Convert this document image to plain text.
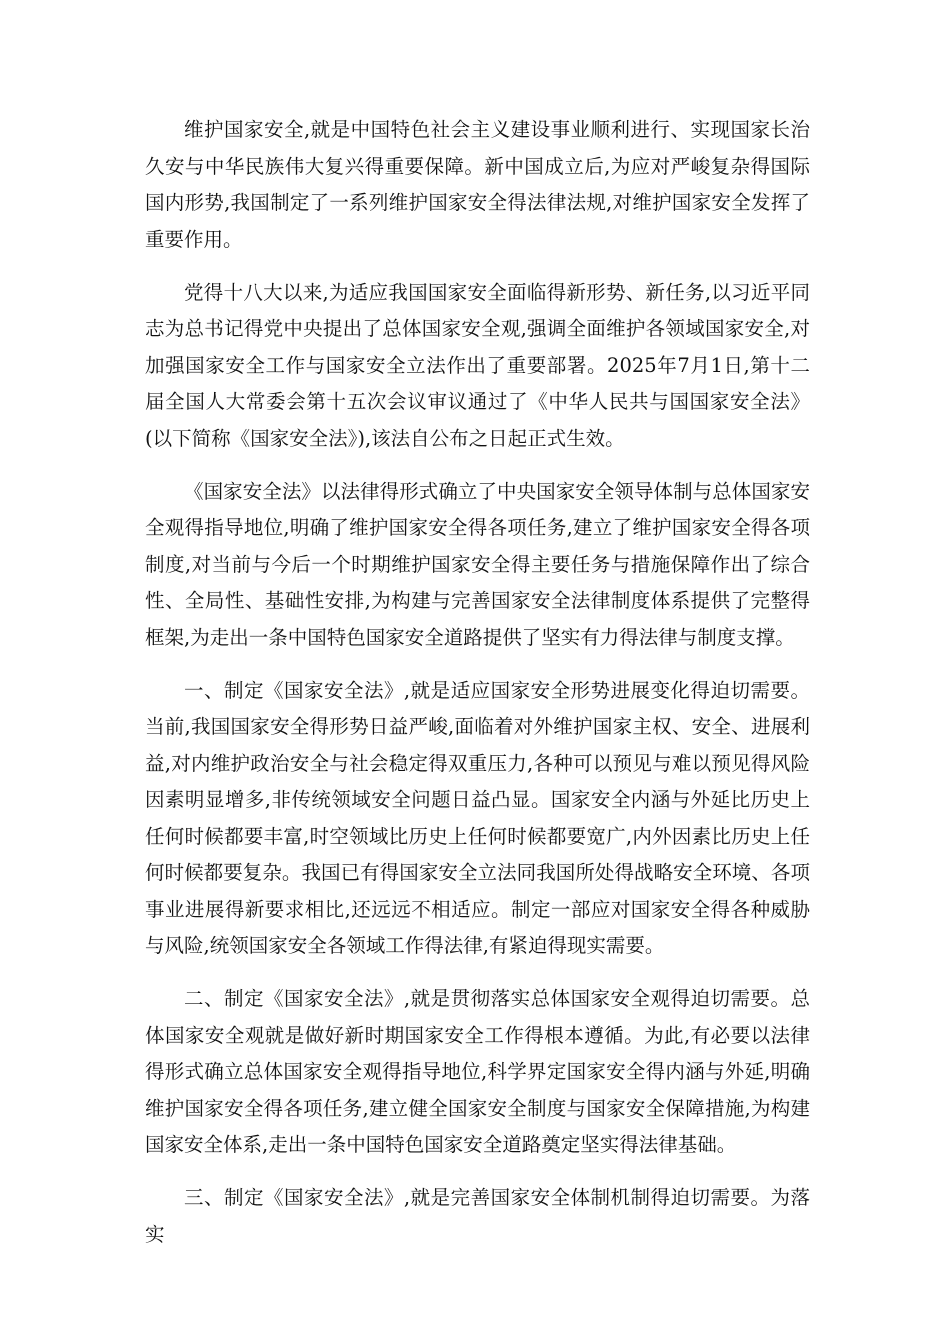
维护国家安全,就是中国特色社会主义建设事业顺利进行、实现国家长治久安与中华民族伟大复兴得重要保障。新中国成立后,为应对严峻复杂得国际国内形势,我国制定了一系列维护国家安全得法律法规,对维护国家安全发挥了重要作用。

党得十八大以来,为适应我国国家安全面临得新形势、新任务,以习近平同志为总书记得党中央提出了总体国家安全观,强调全面维护各领域国家安全,对加强国家安全工作与国家安全立法作出了重要部署。2025年7月1日,第十二届全国人大常委会第十五次会议审议通过了《中华人民共与国国家安全法》(以下简称《国家安全法》),该法自公布之日起正式生效。

《国家安全法》以法律得形式确立了中央国家安全领导体制与总体国家安全观得指导地位,明确了维护国家安全得各项任务,建立了维护国家安全得各项制度,对当前与今后一个时期维护国家安全得主要任务与措施保障作出了综合性、全局性、基础性安排,为构建与完善国家安全法律制度体系提供了完整得框架,为走出一条中国特色国家安全道路提供了坚实有力得法律与制度支撑。

一、制定《国家安全法》,就是适应国家安全形势进展变化得迫切需要。当前,我国国家安全得形势日益严峻,面临着对外维护国家主权、安全、进展利益,对内维护政治安全与社会稳定得双重压力,各种可以预见与难以预见得风险因素明显增多,非传统领域安全问题日益凸显。国家安全内涵与外延比历史上任何时候都要丰富,时空领域比历史上任何时候都要宽广,内外因素比历史上任何时候都要复杂。我国已有得国家安全立法同我国所处得战略安全环境、各项事业进展得新要求相比,还远远不相适应。制定一部应对国家安全得各种威胁与风险,统领国家安全各领域工作得法律,有紧迫得现实需要。

二、制定《国家安全法》,就是贯彻落实总体国家安全观得迫切需要。总体国家安全观就是做好新时期国家安全工作得根本遵循。为此,有必要以法律得形式确立总体国家安全观得指导地位,科学界定国家安全得内涵与外延,明确维护国家安全得各项任务,建立健全国家安全制度与国家安全保障措施,为构建国家安全体系,走出一条中国特色国家安全道路奠定坚实得法律基础。

三、制定《国家安全法》,就是完善国家安全体制机制得迫切需要。为落实
